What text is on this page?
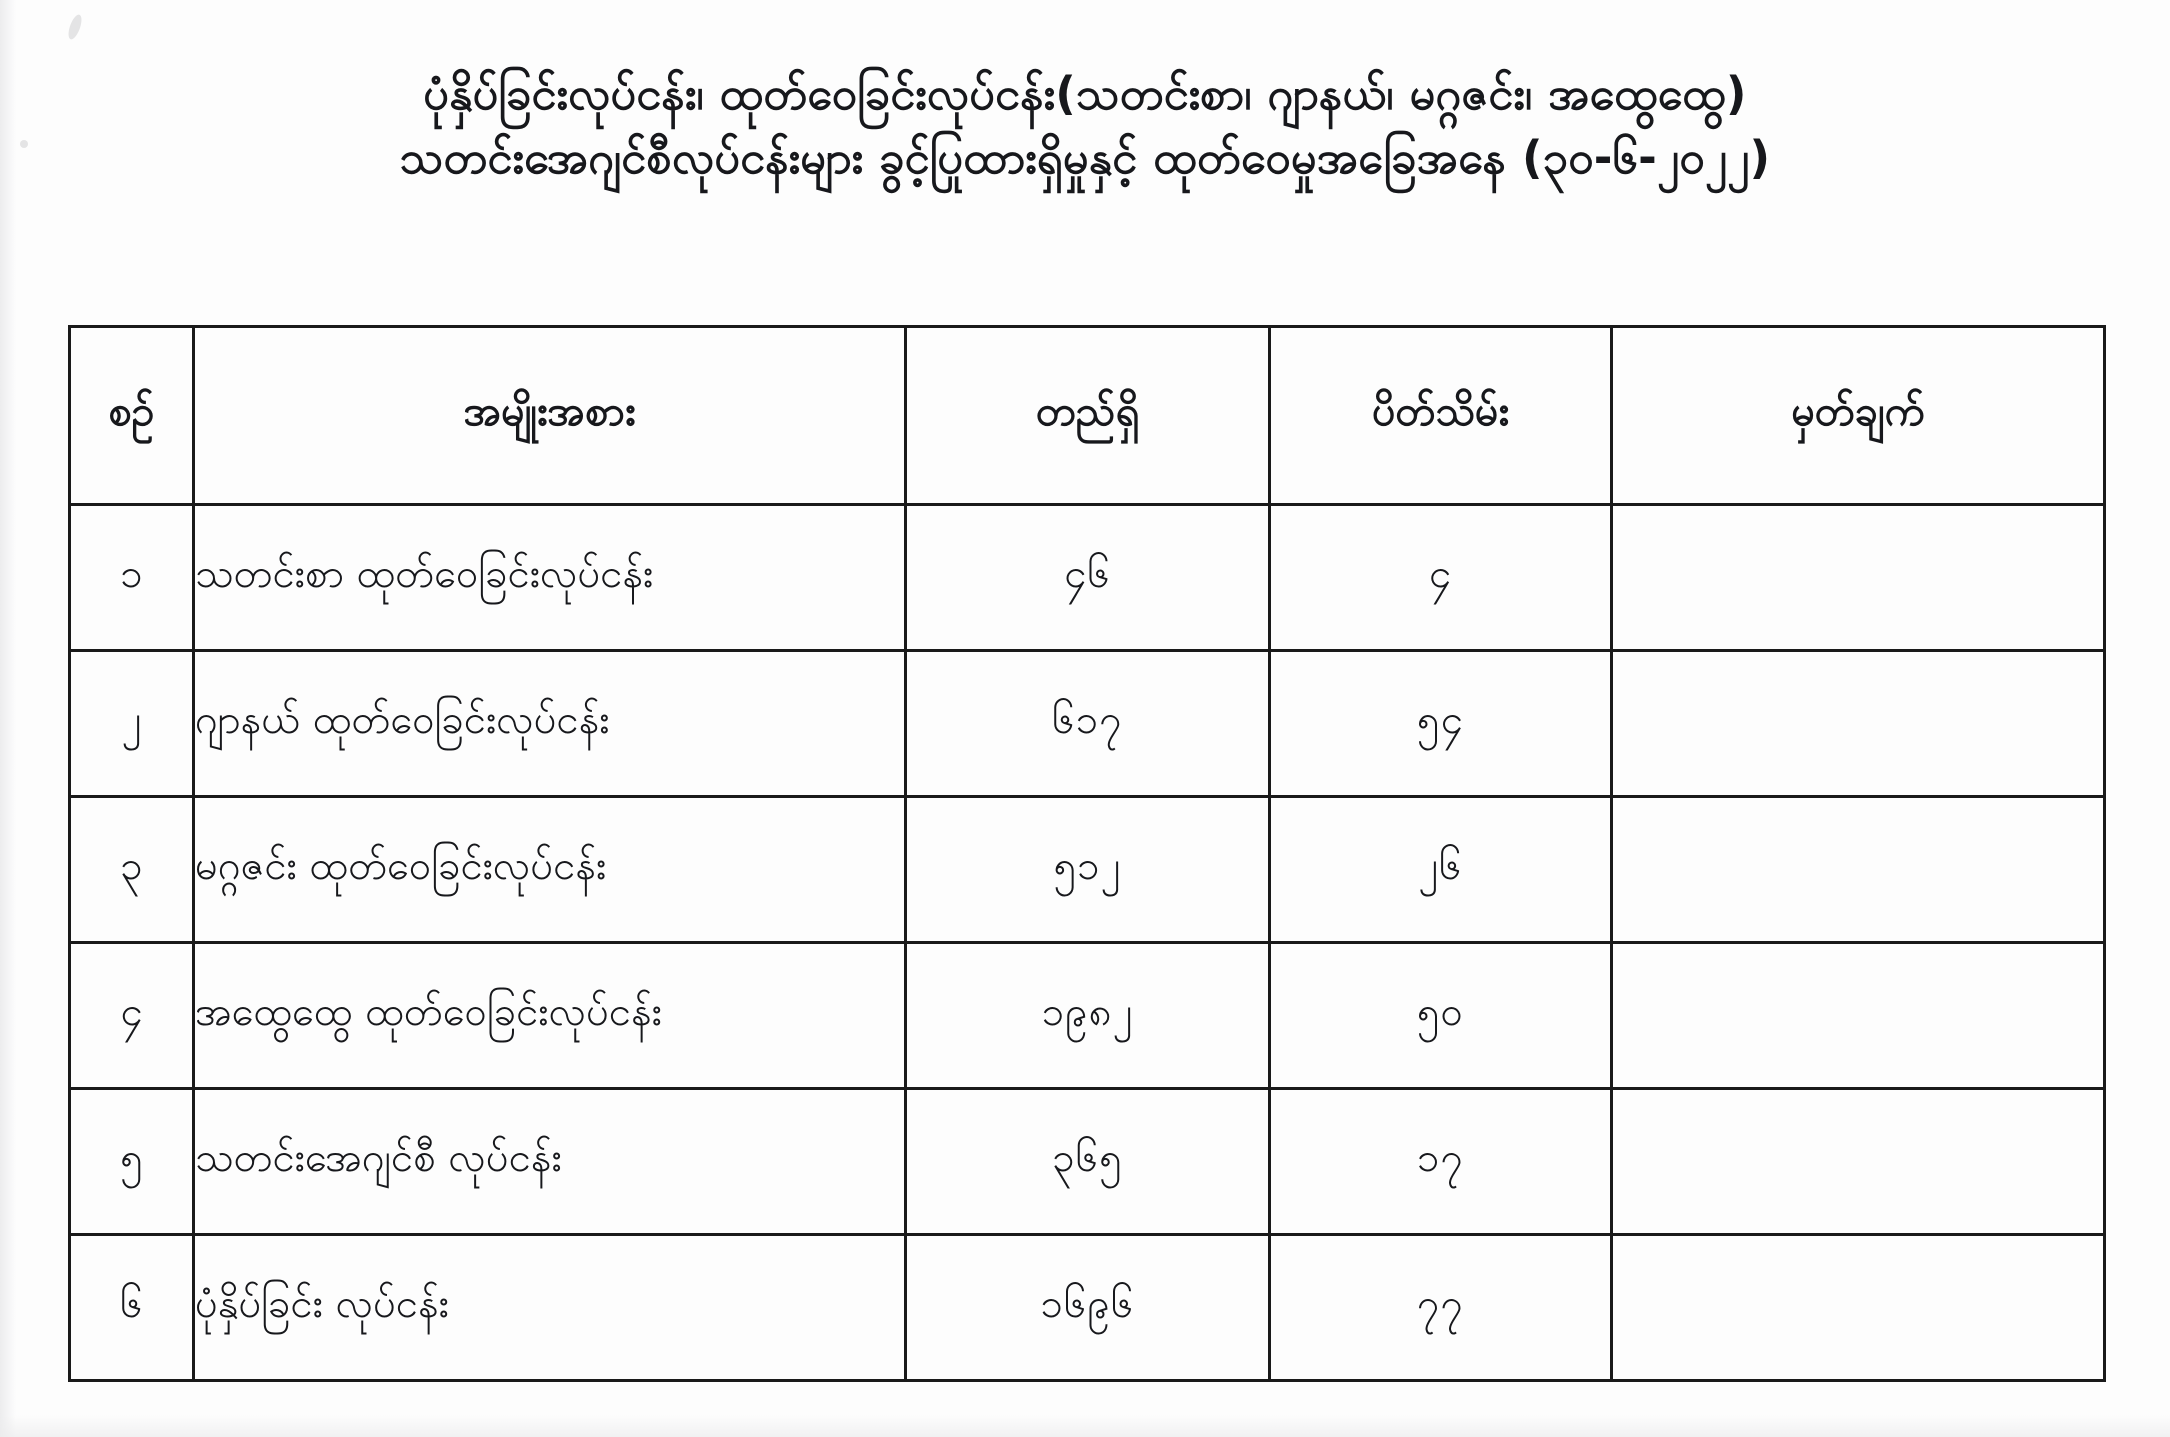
ပုံနှိပ်ခြင်းလုပ်ငန်း၊ ထုတ်ဝေခြင်းလုပ်ငန်း(သတင်းစာ၊ ဂျာနယ်၊ မဂ္ဂဇင်း၊ အထွေထွေ)
သတင်းအေဂျင်စီလုပ်ငန်းများ ခွင့်ပြုထားရှိမှုနှင့် ထုတ်ဝေမှုအခြေအနေ (၃၀-၆-၂၀၂၂)
စဉ်	အမျိုးအစား	တည်ရှိ	ပိတ်သိမ်း	မှတ်ချက်
၁	သတင်းစာ ထုတ်ဝေခြင်းလုပ်ငန်း	၄၆	၄	
၂	ဂျာနယ် ထုတ်ဝေခြင်းလုပ်ငန်း	၆၁၇	၅၄	
၃	မဂ္ဂဇင်း ထုတ်ဝေခြင်းလုပ်ငန်း	၅၁၂	၂၆	
၄	အထွေထွေ ထုတ်ဝေခြင်းလုပ်ငန်း	၁၉၈၂	၅၀	
၅	သတင်းအေဂျင်စီ လုပ်ငန်း	၃၆၅	၁၇	
၆	ပုံနှိပ်ခြင်း လုပ်ငန်း	၁၆၉၆	၇၇	
